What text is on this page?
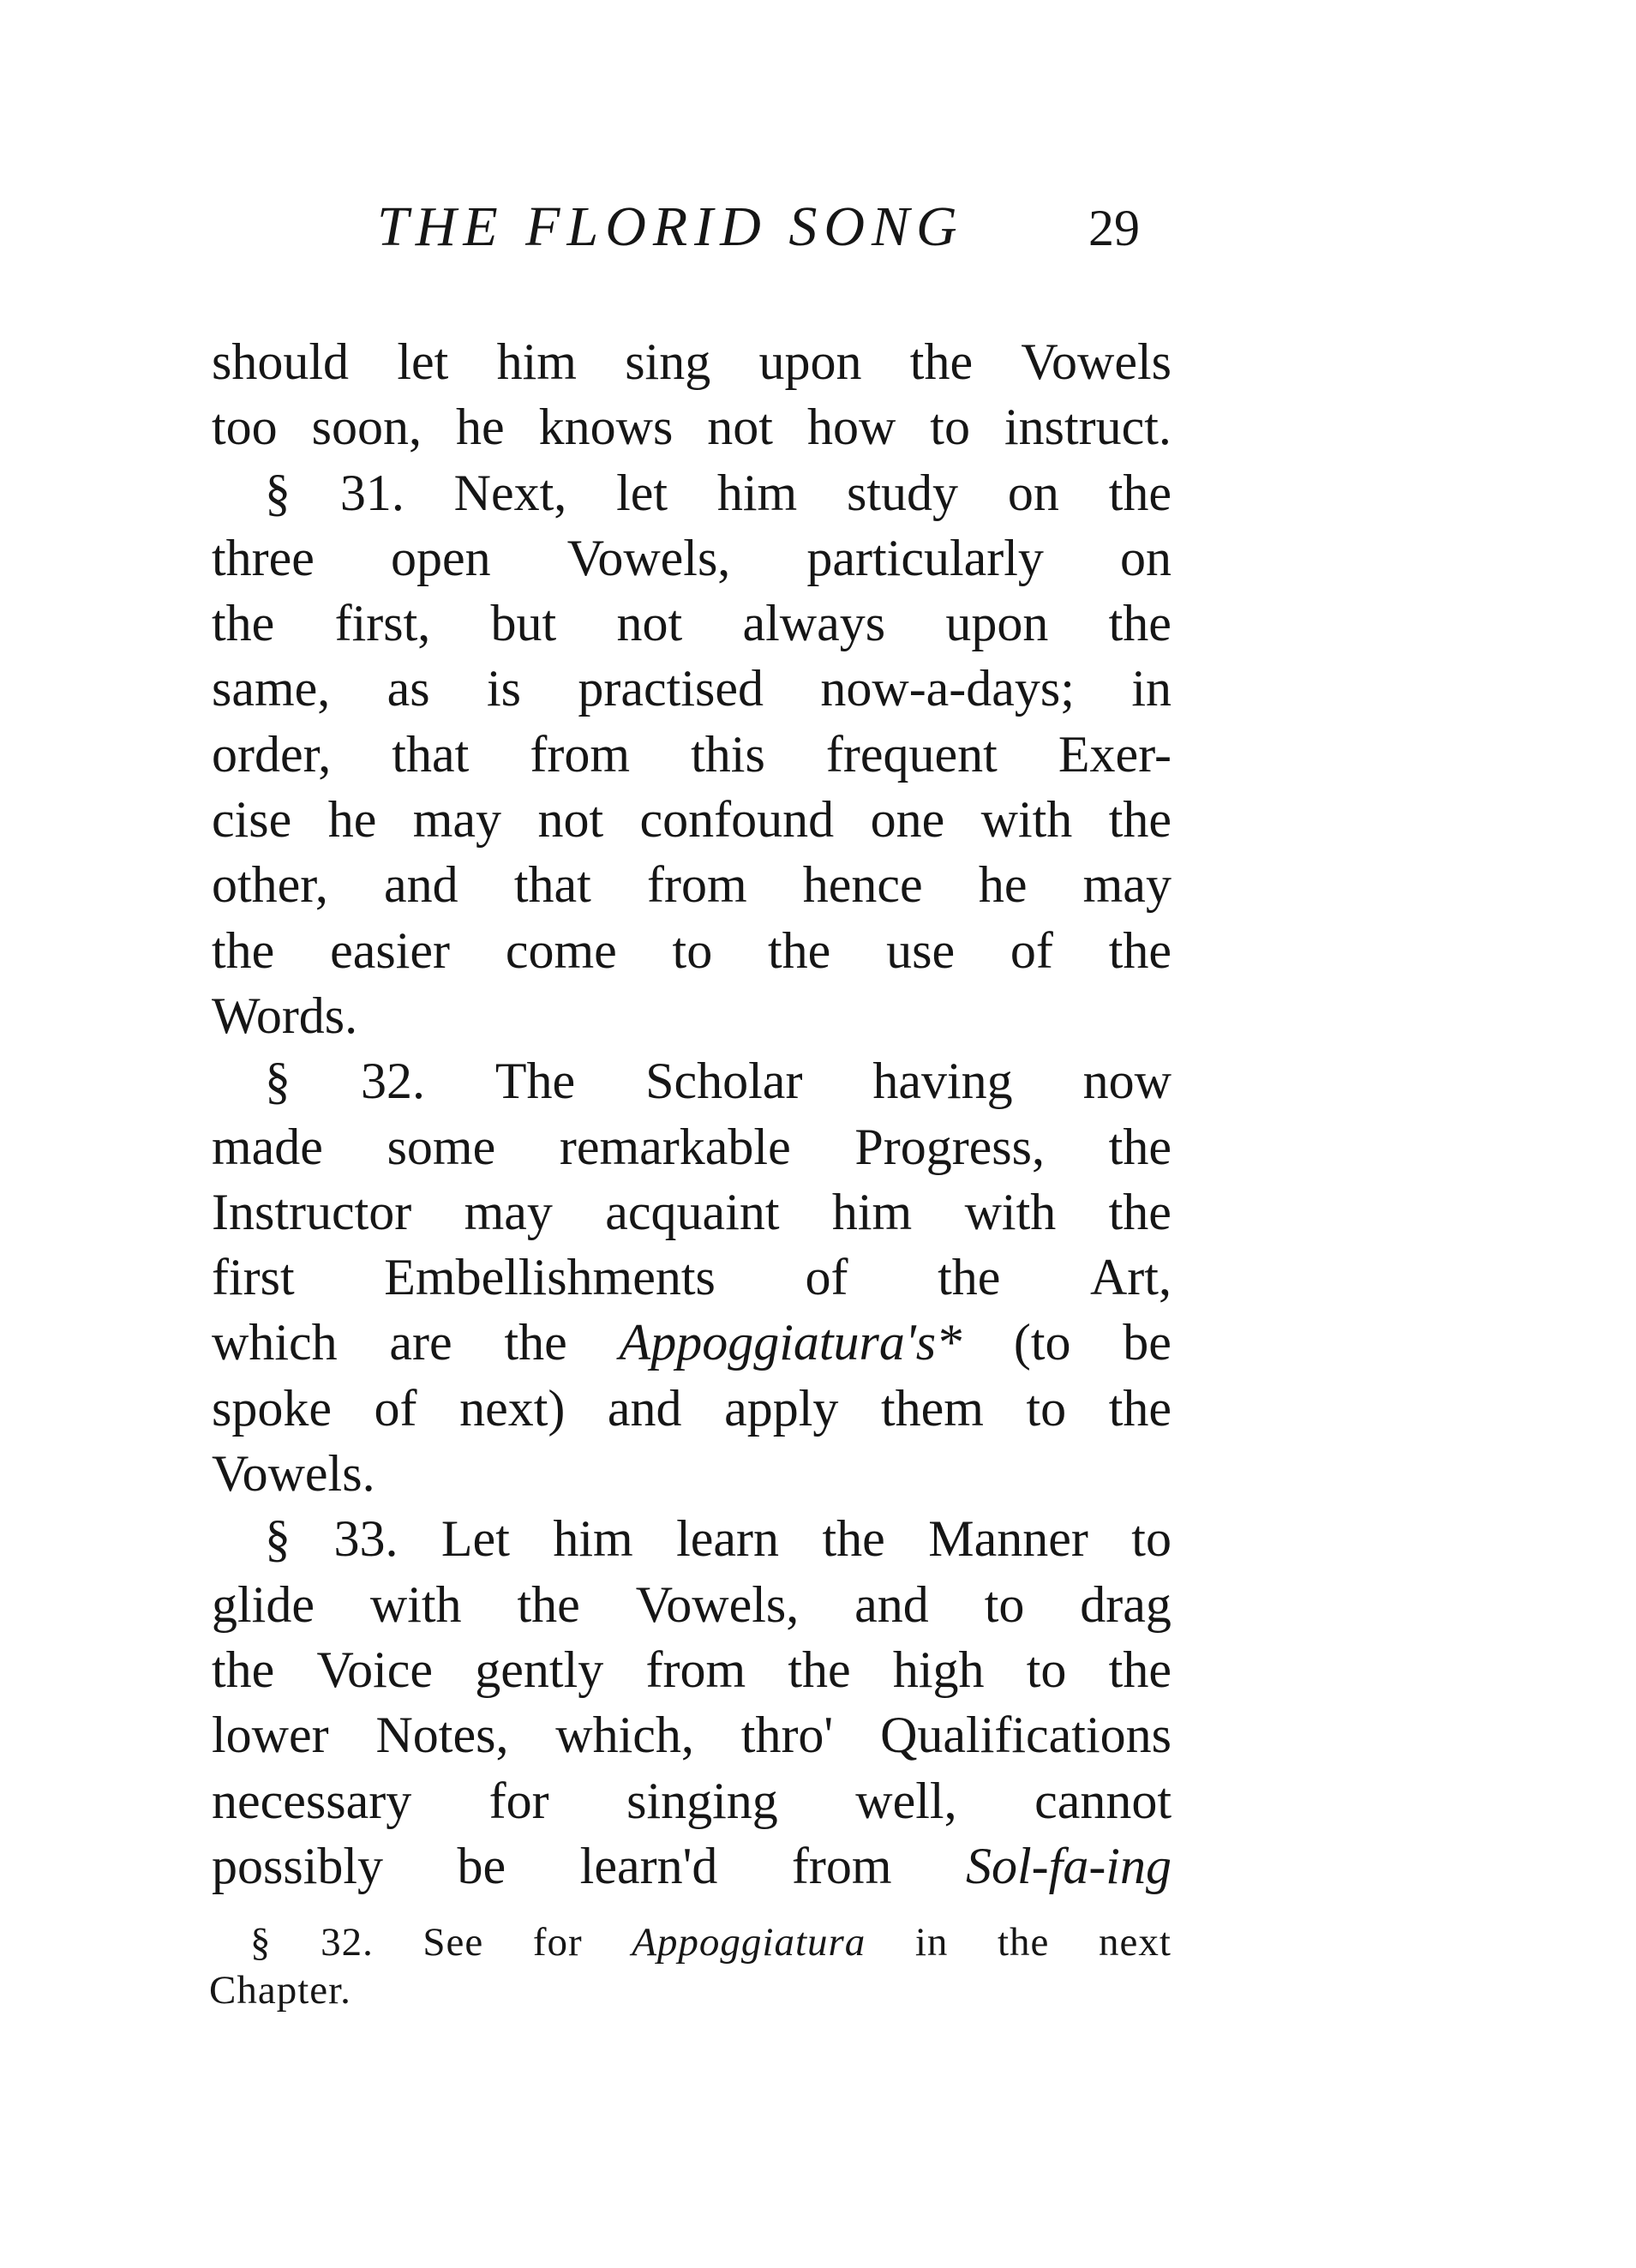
THE FLORID SONG	29
should let him sing upon the Vowels
too soon, he knows not how to instruct.
§ 31. Next, let him study on the
three open Vowels, particularly on
the first, but not always upon the
same, as is practised now-a-days; in
order, that from this frequent Exer-
cise he may not confound one with the
other, and that from hence he may
the easier come to the use of the
Words.
§ 32. The Scholar having now
made some remarkable Progress, the
Instructor may acquaint him with the
first Embellishments of the Art,
which are the Appoggiatura's* (to be
spoke of next) and apply them to the
Vowels.
§ 33. Let him learn the Manner to
glide with the Vowels, and to drag
the Voice gently from the high to the
lower Notes, which, thro' Qualifications
necessary for singing well, cannot
possibly be learn'd from Sol-fa-ing
§ 32. See for Appoggiatura in the next
Chapter.
